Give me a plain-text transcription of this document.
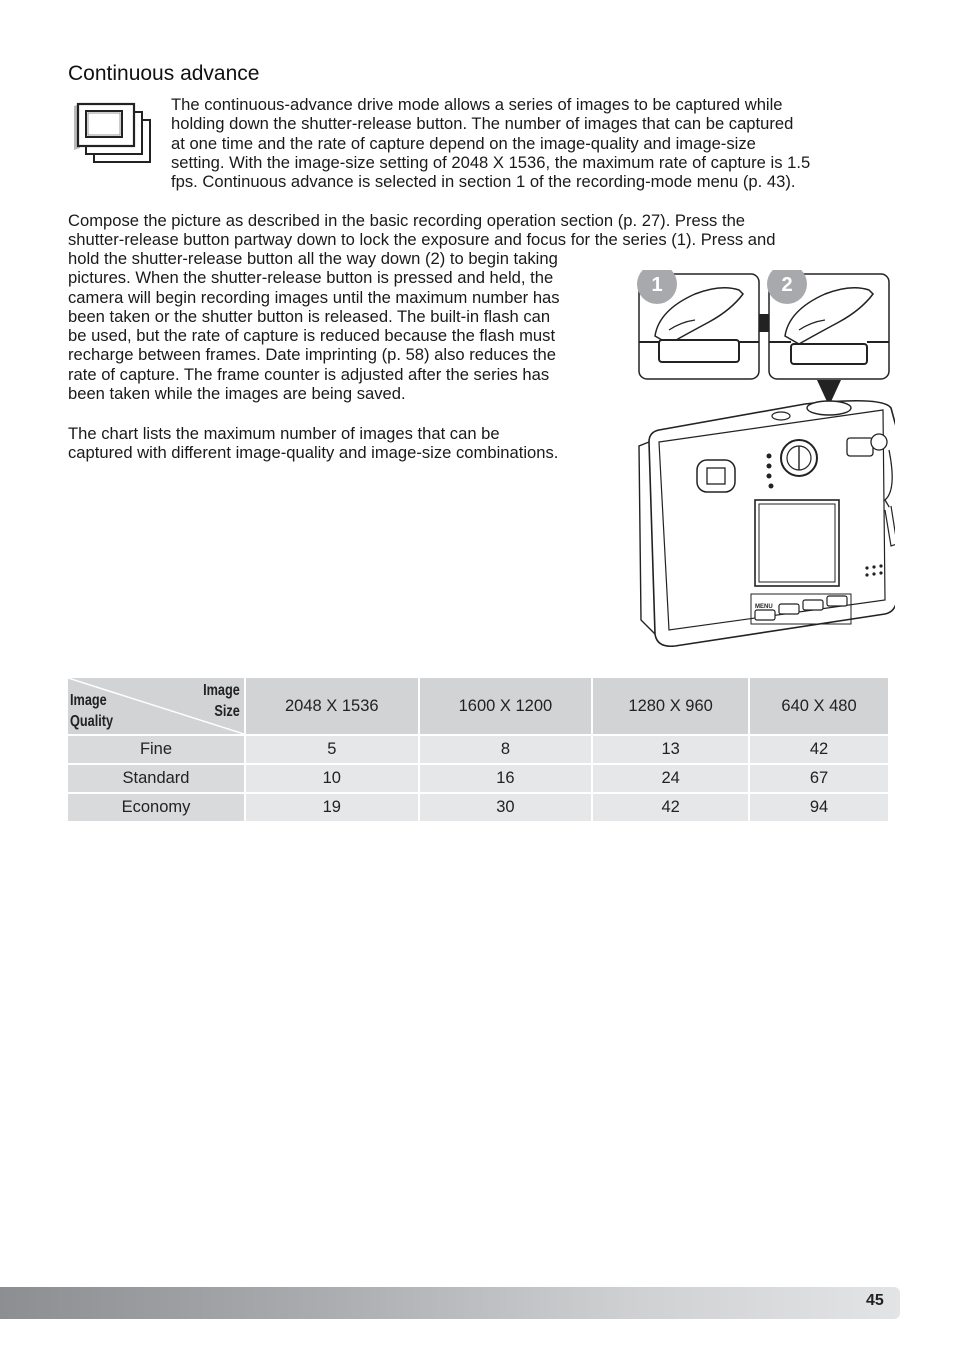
Continuous advance
The continuous-advance drive mode allows a series of images to be captured while
holding down the shutter-release button. The number of images that can be captured
at one time and the rate of capture depend on the image-quality and image-size
setting. With the image-size setting of 2048 X 1536, the maximum rate of capture is 1.5
fps. Continuous advance is selected in section 1 of the recording-mode menu (p. 43).
Compose the picture as described in the basic recording operation section (p. 27). Press the
shutter-release button partway down to lock the exposure and focus for the series (1). Press and
hold the shutter-release button all the way down (2) to begin taking
pictures. When the shutter-release button is pressed and held, the
camera will begin recording images until the maximum number has
been taken or the shutter button is released. The built-in flash can
be used, but the rate of capture is reduced because the flash must
recharge between frames. Date imprinting (p. 58) also reduces the
rate of capture. The frame counter is adjusted after the series has
been taken while the images are being saved.
The chart lists the maximum number of images that can be
captured with different image-quality and image-size combinations.
1	2
MENU
Image
Size
Image
Quality	2048 X 1536	1600 X 1200	1280 X 960	640 X 480
Fine	5	8	13	42
Standard	10	16	24	67
Economy	19	30	42	94
45
